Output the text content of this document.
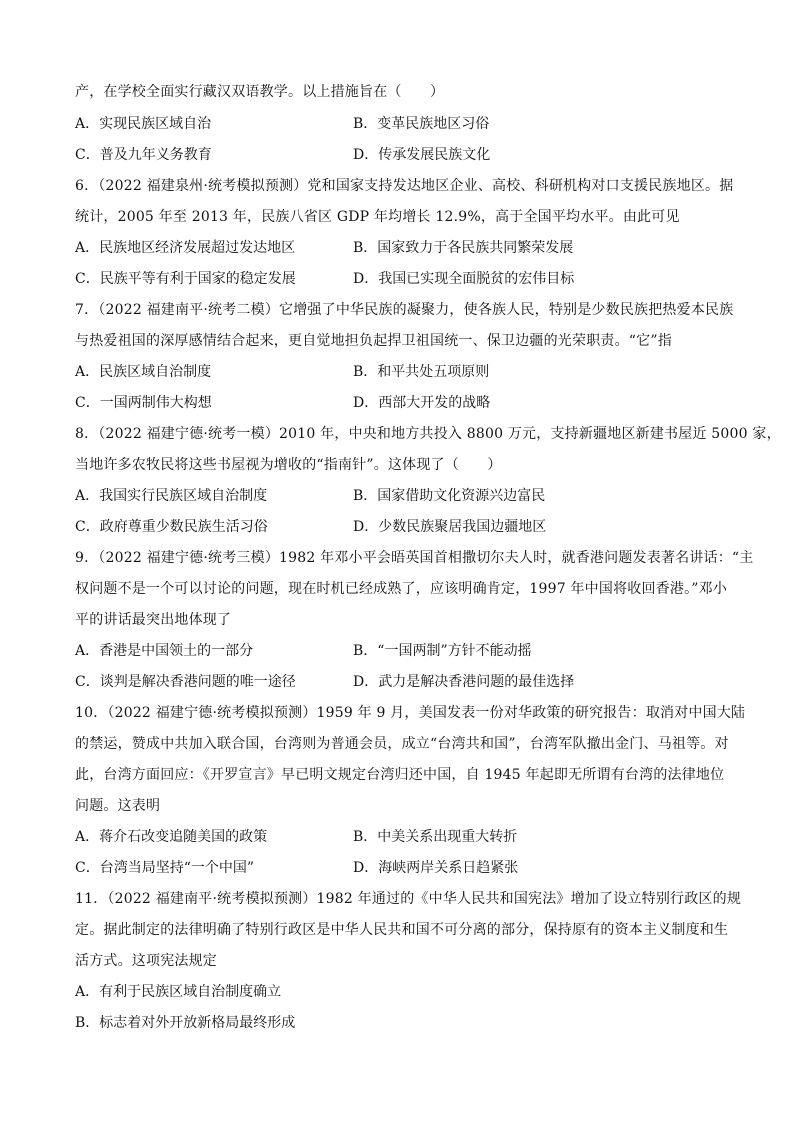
产，在学校全面实行藏汉双语教学。以上措施旨在（　　）
A．实现民族区域自治	B．变革民族地区习俗
C．普及九年义务教育	D．传承发展民族文化
6．（2022 福建泉州·统考模拟预测）党和国家支持发达地区企业、高校、科研机构对口支援民族地区。据
统计，2005 年至 2013 年，民族八省区 GDP 年均增长 12.9%，高于全国平均水平。由此可见
A．民族地区经济发展超过发达地区	B．国家致力于各民族共同繁荣发展
C．民族平等有利于国家的稳定发展	D．我国已实现全面脱贫的宏伟目标
7．（2022 福建南平·统考二模）它增强了中华民族的凝聚力，使各族人民，特别是少数民族把热爱本民族
与热爱祖国的深厚感情结合起来，更自觉地担负起捍卫祖国统一、保卫边疆的光荣职责。“它”指
A．民族区域自治制度	B．和平共处五项原则
C．一国两制伟大构想	D．西部大开发的战略
8．（2022 福建宁德·统考一模）2010 年，中央和地方共投入 8800 万元，支持新疆地区新建书屋近 5000 家，
当地许多农牧民将这些书屋视为增收的“指南针”。这体现了（　　）
A．我国实行民族区域自治制度	B．国家借助文化资源兴边富民
C．政府尊重少数民族生活习俗	D．少数民族聚居我国边疆地区
9．（2022 福建宁德·统考三模）1982 年邓小平会晤英国首相撒切尔夫人时，就香港问题发表著名讲话：“主
权问题不是一个可以讨论的问题，现在时机已经成熟了，应该明确肯定，1997 年中国将收回香港。”邓小
平的讲话最突出地体现了
A．香港是中国领土的一部分	B．“一国两制”方针不能动摇
C．谈判是解决香港问题的唯一途径	D．武力是解决香港问题的最佳选择
10．（2022 福建宁德·统考模拟预测）1959 年 9 月，美国发表一份对华政策的研究报告：取消对中国大陆
的禁运，赞成中共加入联合国，台湾则为普通会员，成立“台湾共和国”，台湾军队撤出金门、马祖等。对
此，台湾方面回应：《开罗宣言》早已明文规定台湾归还中国，自 1945 年起即无所谓有台湾的法律地位
问题。这表明
A．蒋介石改变追随美国的政策	B．中美关系出现重大转折
C．台湾当局坚持“一个中国”	D．海峡两岸关系日趋紧张
11．（2022 福建南平·统考模拟预测）1982 年通过的《中华人民共和国宪法》增加了设立特别行政区的规
定。据此制定的法律明确了特别行政区是中华人民共和国不可分离的部分，保持原有的资本主义制度和生
活方式。这项宪法规定
A．有利于民族区域自治制度确立
B．标志着对外开放新格局最终形成
